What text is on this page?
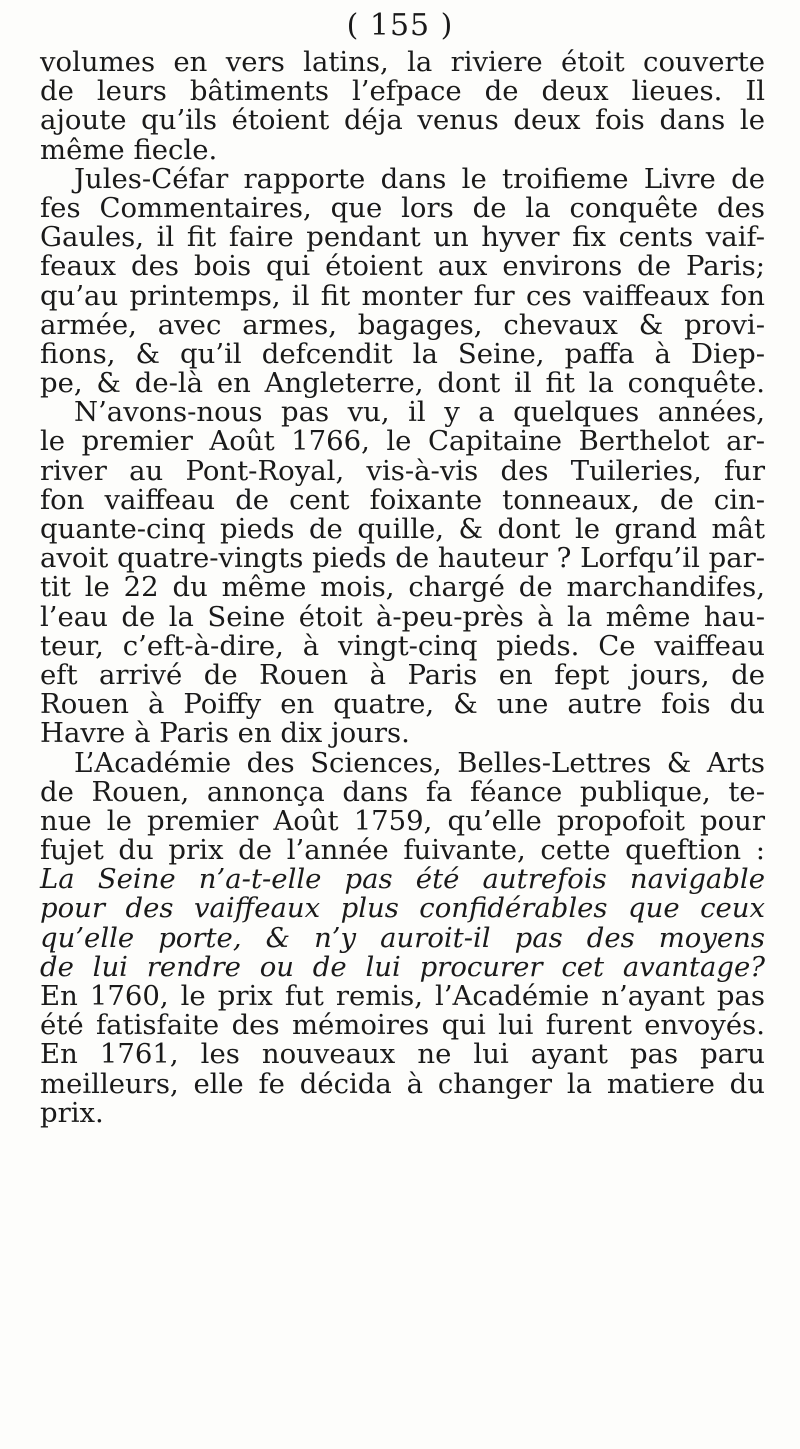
( 155 )
volumes en vers latins, la riviere étoit couverte
de leurs bâtiments l’efpace de deux lieues. Il
ajoute qu’ils étoient déja venus deux fois dans le
même fiecle.
Jules-Céfar rapporte dans le troifieme Livre de
fes Commentaires, que lors de la conquête des
Gaules, il fit faire pendant un hyver fix cents vaif-
feaux des bois qui étoient aux environs de Paris;
qu’au printemps, il fit monter fur ces vaiffeaux fon
armée, avec armes, bagages, chevaux & provi-
fions, & qu’il defcendit la Seine, paffa à Diep-
pe, & de-là en Angleterre, dont il fit la conquête.
N’avons-nous pas vu, il y a quelques années,
le premier Août 1766, le Capitaine Berthelot ar-
river au Pont-Royal, vis-à-vis des Tuileries, fur
fon vaiffeau de cent foixante tonneaux, de cin-
quante-cinq pieds de quille, & dont le grand mât
avoit quatre-vingts pieds de hauteur ? Lorfqu’il par-
tit le 22 du même mois, chargé de marchandifes,
l’eau de la Seine étoit à-peu-près à la même hau-
teur, c’eft-à-dire, à vingt-cinq pieds. Ce vaiffeau
eft arrivé de Rouen à Paris en fept jours, de
Rouen à Poiffy en quatre, & une autre fois du
Havre à Paris en dix jours.
L’Académie des Sciences, Belles-Lettres & Arts
de Rouen, annonça dans fa féance publique, te-
nue le premier Août 1759, qu’elle propofoit pour
fujet du prix de l’année fuivante, cette queftion :
La Seine n’a-t-elle pas été autrefois navigable
pour des vaiffeaux plus confidérables que ceux
qu’elle porte, & n’y auroit-il pas des moyens
de lui rendre ou de lui procurer cet avantage?
En 1760, le prix fut remis, l’Académie n’ayant pas
été fatisfaite des mémoires qui lui furent envoyés.
En 1761, les nouveaux ne lui ayant pas paru
meilleurs, elle fe décida à changer la matiere du
prix.
